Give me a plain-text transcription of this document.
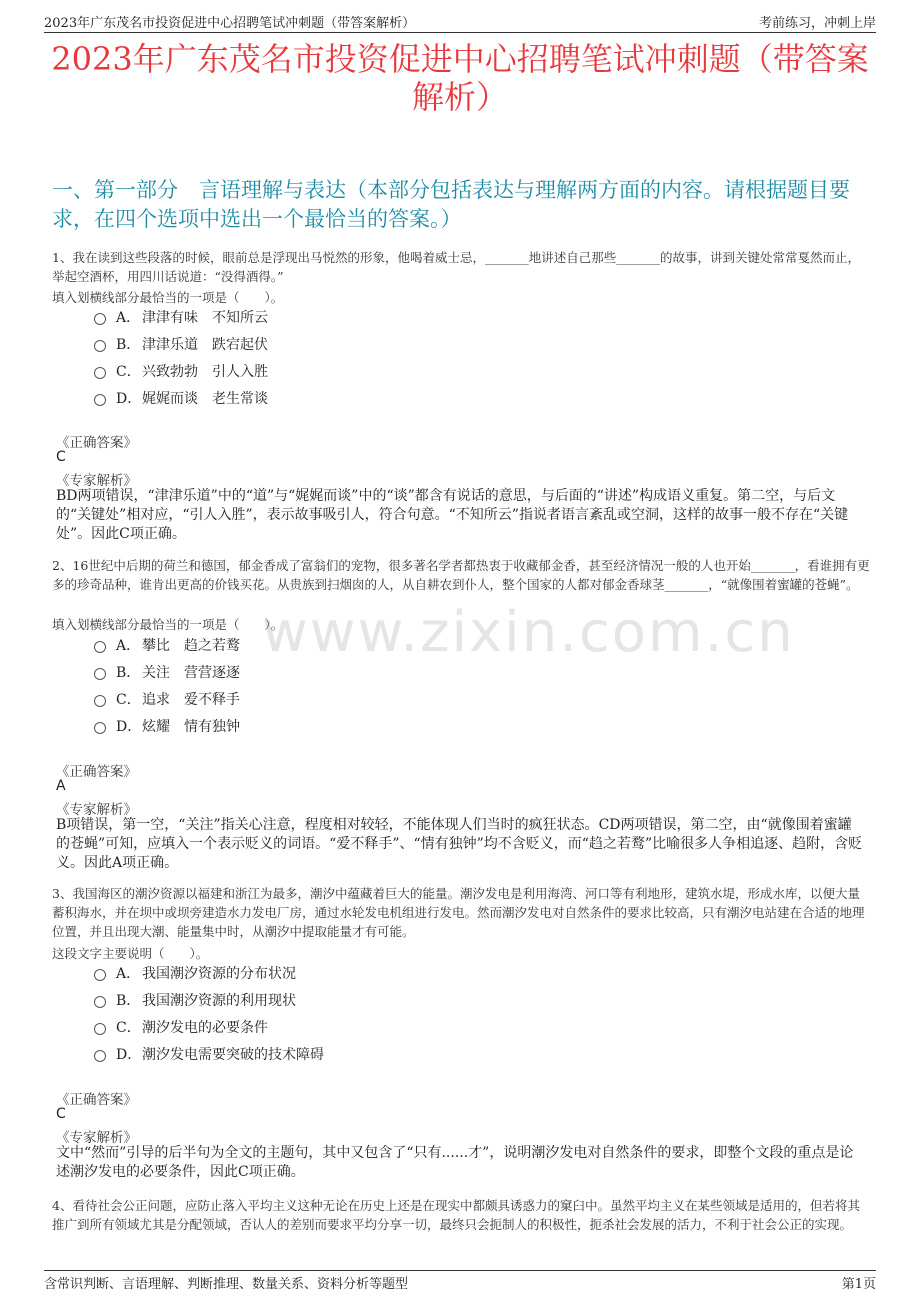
2023年广东茂名市投资促进中心招聘笔试冲刺题（带答案解析）	考前练习，冲刺上岸
2023年广东茂名市投资促进中心招聘笔试冲刺题（带答案解析）
一、第一部分　言语理解与表达（本部分包括表达与理解两方面的内容。请根据题目要求，在四个选项中选出一个最恰当的答案。）
1、我在读到这些段落的时候，眼前总是浮现出马悦然的形象，他喝着威士忌，_______地讲述自己那些_______的故事，讲到关键处常常戛然而止，举起空酒杯，用四川话说道：“没得酒得。”
填入划横线部分最恰当的一项是（　　）。
A． 津津有味　不知所云
B． 津津乐道　跌宕起伏
C．兴致勃勃　引人入胜
D．娓娓而谈　老生常谈
《正确答案》
C
《专家解析》
BD两项错误，“津津乐道”中的“道”与“娓娓而谈”中的“谈”都含有说话的意思，与后面的“讲述”构成语义重复。第二空，与后文的“关键处”相对应，“引人入胜”，表示故事吸引人，符合句意。“不知所云”指说者语言紊乱或空洞，这样的故事一般不存在“关键处”。因此C项正确。
2、16世纪中后期的荷兰和德国，郁金香成了富翁们的宠物，很多著名学者都热衷于收藏郁金香，甚至经济情况一般的人也开始_______，看谁拥有更多的珍奇品种，谁肯出更高的价钱买花。从贵族到扫烟囱的人，从自耕农到仆人，整个国家的人都对郁金香球茎_______，“就像围着蜜罐的苍蝇”。
填入划横线部分最恰当的一项是（　　）。
A． 攀比　趋之若鹜
B． 关注　营营逐逐
C．追求　爱不释手
D．炫耀　情有独钟
《正确答案》
A
《专家解析》
B项错误，第一空，“关注”指关心注意，程度相对较轻，不能体现人们当时的疯狂状态。CD两项错误，第二空，由“就像围着蜜罐的苍蝇”可知，应填入一个表示贬义的词语。“爱不释手”、“情有独钟”均不含贬义，而“趋之若鹜”比喻很多人争相追逐、趋附，含贬义。因此A项正确。
3、我国海区的潮汐资源以福建和浙江为最多，潮汐中蕴藏着巨大的能量。潮汐发电是利用海湾、河口等有利地形，建筑水堤，形成水库，以便大量蓄积海水，并在坝中或坝旁建造水力发电厂房，通过水轮发电机组进行发电。然而潮汐发电对自然条件的要求比较高，只有潮汐电站建在合适的地理位置，并且出现大潮、能量集中时，从潮汐中提取能量才有可能。
这段文字主要说明（　　）。
A． 我国潮汐资源的分布状况
B． 我国潮汐资源的利用现状
C．潮汐发电的必要条件
D．潮汐发电需要突破的技术障碍
《正确答案》
C
《专家解析》
文中“然而”引导的后半句为全文的主题句，其中又包含了“只有......才”，说明潮汐发电对自然条件的要求，即整个文段的重点是论述潮汐发电的必要条件，因此C项正确。
4、看待社会公正问题，应防止落入平均主义这种无论在历史上还是在现实中都颇具诱惑力的窠臼中。虽然平均主义在某些领域是适用的，但若将其推广到所有领域尤其是分配领域，否认人的差别而要求平均分享一切，最终只会扼制人的积极性，扼杀社会发展的活力，不利于社会公正的实现。
www.zixin.com.cn
含常识判断、言语理解、判断推理、数量关系、资料分析等题型	第1页
